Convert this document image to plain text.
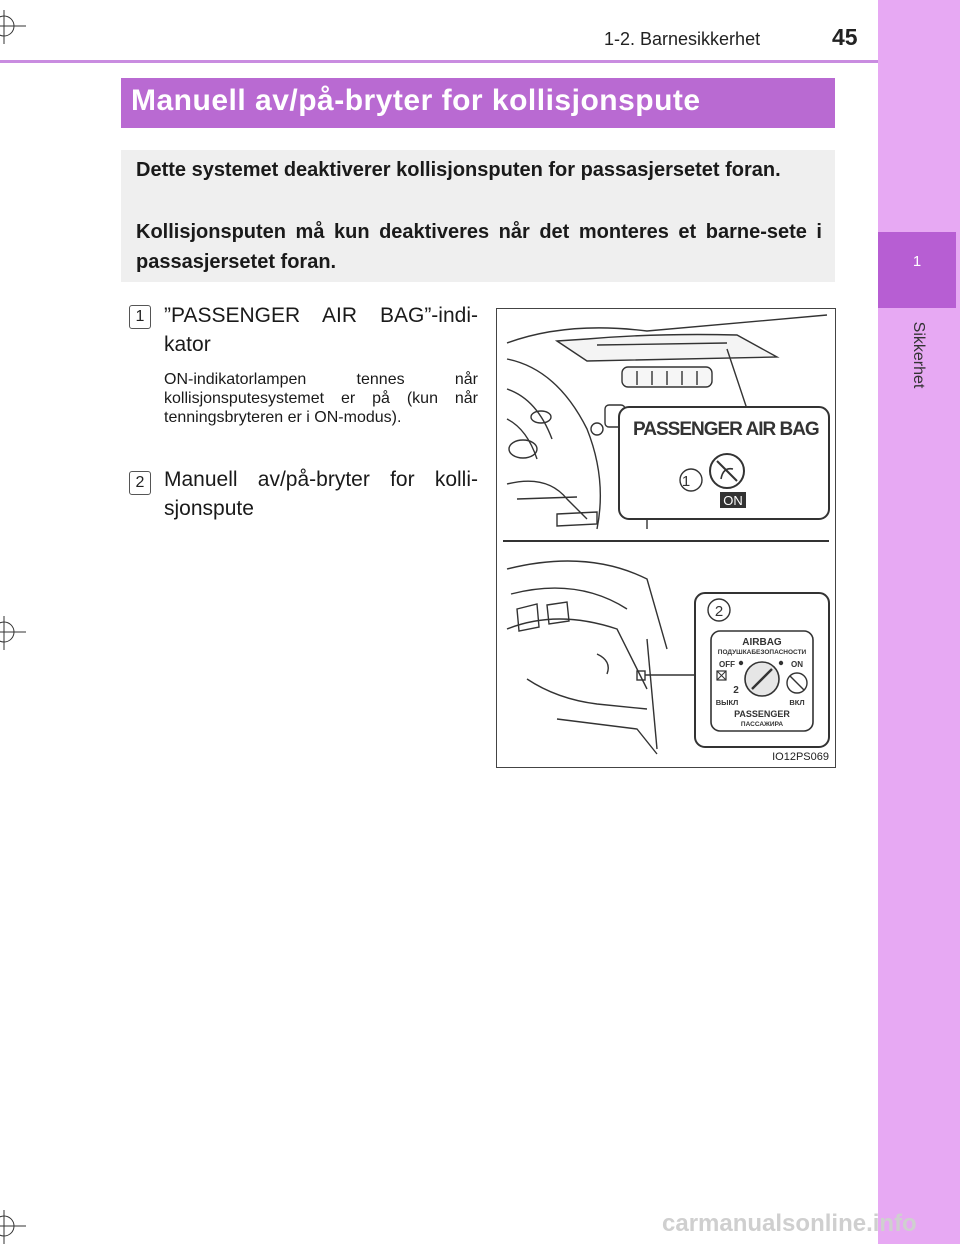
1-2. Barnesikkerhet	45
1
Sikkerhet
Manuell av/på-bryter for kollisjonspute

Dette systemet deaktiverer kollisjonsputen for passasjersetet foran.

Kollisjonsputen må kun deaktiveres når det monteres et barne-sete i passasjersetet foran.

1 ”PASSENGER AIR BAG”-indi-kator

ON-indikatorlampen tennes når kollisjonsputesystemet er på (kun når tenningsbryteren er i ON-modus).

2 Manuell av/på-bryter for kolli-sjonspute

PASSENGER AIR BAG
1
ON
2
AIRBAG
ПОДУШКАБЕЗОПАСНОСТИ
OFF	ON
2
ВЫКЛ	ВКЛ
PASSENGER
ПАССАЖИРА
IO12PS069
carmanualsonline.info
